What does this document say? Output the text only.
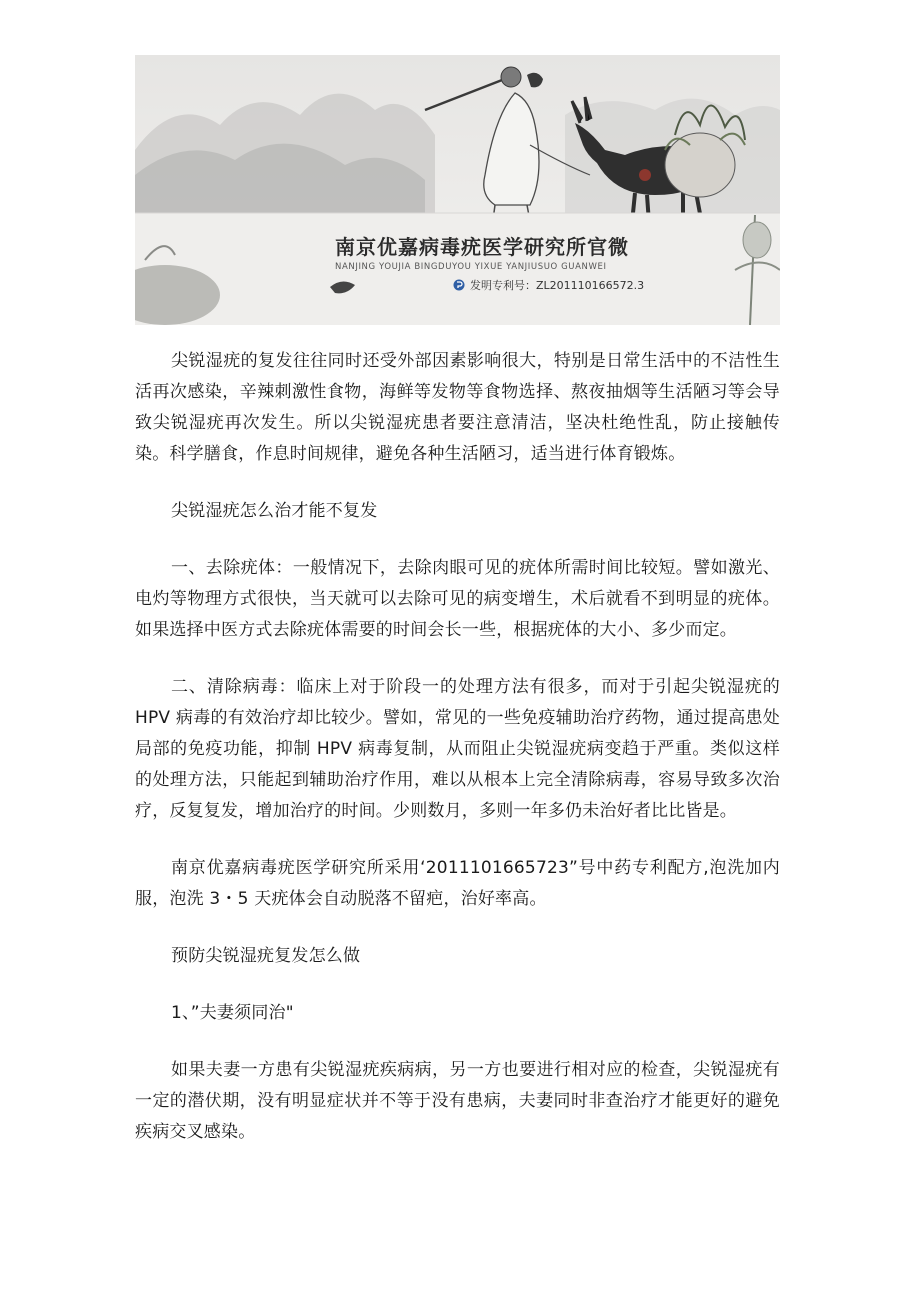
南京优嘉病毒疣医学研究所官微
NANJING YOUJIA BINGDUYOU YIXUE YANJIUSUO GUANWEI
发明专利号：ZL201110166572.3

尖锐湿疣的复发往往同时还受外部因素影响很大，特别是日常生活中的不洁性生活再次感染，辛辣刺激性食物，海鲜等发物等食物选择、熬夜抽烟等生活陋习等会导致尖锐湿疣再次发生。所以尖锐湿疣患者要注意清洁，坚决杜绝性乱，防止接触传染。科学膳食，作息时间规律，避免各种生活陋习，适当进行体育锻炼。

尖锐湿疣怎么治才能不复发

一、去除疣体：一般情况下，去除肉眼可见的疣体所需时间比较短。譬如激光、电灼等物理方式很快，当天就可以去除可见的病变增生，术后就看不到明显的疣体。如果选择中医方式去除疣体需要的时间会长一些，根据疣体的大小、多少而定。

二、清除病毒：临床上对于阶段一的处理方法有很多，而对于引起尖锐湿疣的 HPV 病毒的有效治疗却比较少。譬如，常见的一些免疫辅助治疗药物，通过提高患处局部的免疫功能，抑制 HPV 病毒复制，从而阻止尖锐湿疣病变趋于严重。类似这样的处理方法，只能起到辅助治疗作用，难以从根本上完全清除病毒，容易导致多次治疗，反复复发，增加治疗的时间。少则数月，多则一年多仍未治好者比比皆是。

南京优嘉病毒疣医学研究所采用‘2011101665723”号中药专利配方,泡洗加内服，泡洗 3・5 天疣体会自动脱落不留疤，治好率高。

预防尖锐湿疣复发怎么做

1、”夫妻须同治"

如果夫妻一方患有尖锐湿疣疾病病，另一方也要进行相对应的检查，尖锐湿疣有一定的潜伏期，没有明显症状并不等于没有患病，夫妻同时非查治疗才能更好的避免疾病交叉感染。
